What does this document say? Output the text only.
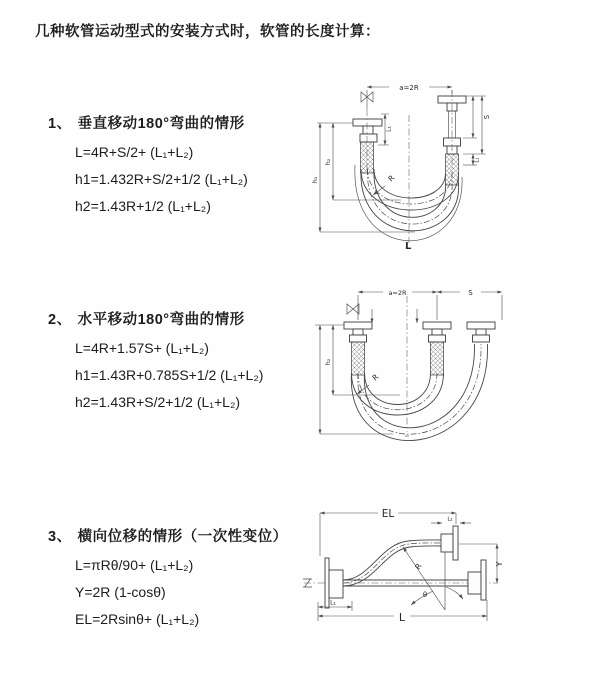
几种软管运动型式的安装方式时，软管的长度计算：
1、 垂直移动180°弯曲的情形
L=4R+S/2+ (L₁+L₂)
h1=1.432R+S/2+1/2 (L₁+L₂)
h2=1.43R+1/2 (L₁+L₂)
a=2R
L₁
S
L₁
h₂
h₁	R
L
2、 水平移动180°弯曲的情形
L=4R+1.57S+ (L₁+L₂)
h1=1.43R+0.785S+1/2 (L₁+L₂)
h2=1.43R+S/2+1/2 (L₁+L₂)
a=2R	S
h₂
R
3、 横向位移的情形（一次性变位）
L=πRθ/90+ (L₁+L₂)
Y=2R (1-cosθ)
EL=2Rsinθ+ (L₁+L₂)
EL	L₂
Y
R
θ
L₁
L
